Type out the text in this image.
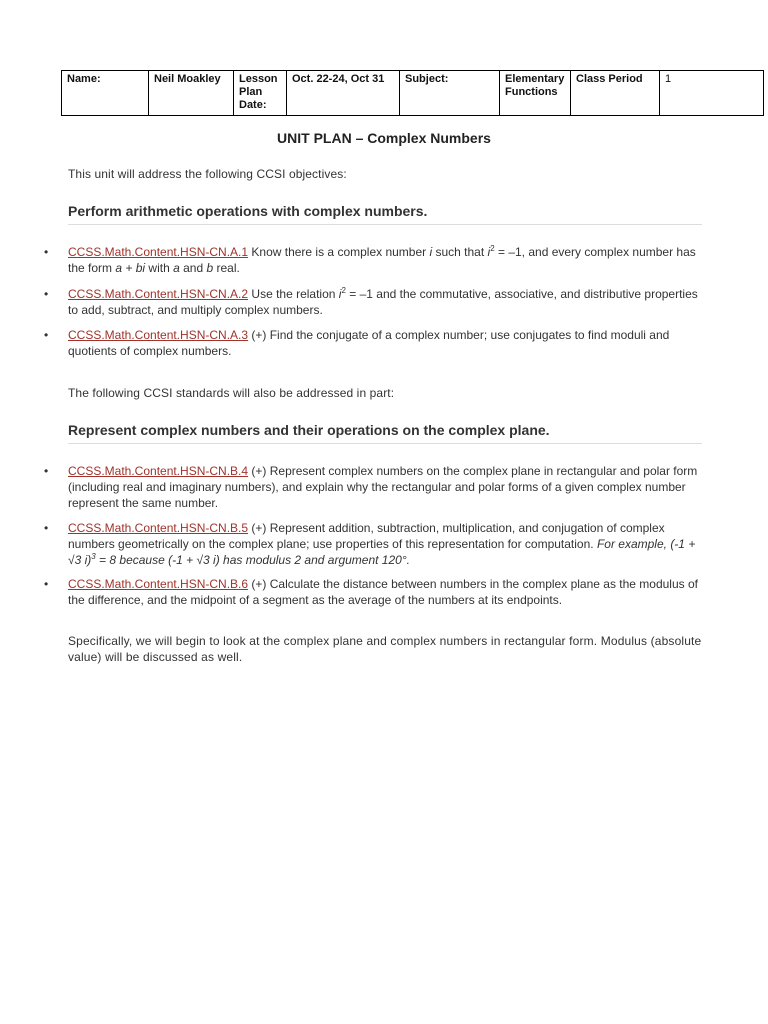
Name:	Neil Moakley	Lesson Plan Date:	Oct. 22-24, Oct 31	Subject:	Elementary Functions	Class Period	1
UNIT PLAN – Complex Numbers
This unit will address the following CCSI objectives:
Perform arithmetic operations with complex numbers.
•	CCSS.Math.Content.HSN-CN.A.1 Know there is a complex number i such that $i^2 = -1$, and every complex number has the form a + bi with a and b real.
•	CCSS.Math.Content.HSN-CN.A.2 Use the relation $i^2 = -1$ and the commutative, associative, and distributive properties to add, subtract, and multiply complex numbers.
•	CCSS.Math.Content.HSN-CN.A.3 (+) Find the conjugate of a complex number; use conjugates to find moduli and quotients of complex numbers.
The following CCSI standards will also be addressed in part:
Represent complex numbers and their operations on the complex plane.
•	CCSS.Math.Content.HSN-CN.B.4 (+) Represent complex numbers on the complex plane in rectangular and polar form (including real and imaginary numbers), and explain why the rectangular and polar forms of a given complex number represent the same number.
•	CCSS.Math.Content.HSN-CN.B.5 (+) Represent addition, subtraction, multiplication, and conjugation of complex numbers geometrically on the complex plane; use properties of this representation for computation. For example, (-1 + √3 i)$^3$ = 8 because (-1 + √3 i) has modulus 2 and argument 120°.
•	CCSS.Math.Content.HSN-CN.B.6 (+) Calculate the distance between numbers in the complex plane as the modulus of the difference, and the midpoint of a segment as the average of the numbers at its endpoints.
Specifically, we will begin to look at the complex plane and complex numbers in rectangular form. Modulus (absolute value) will be discussed as well.
